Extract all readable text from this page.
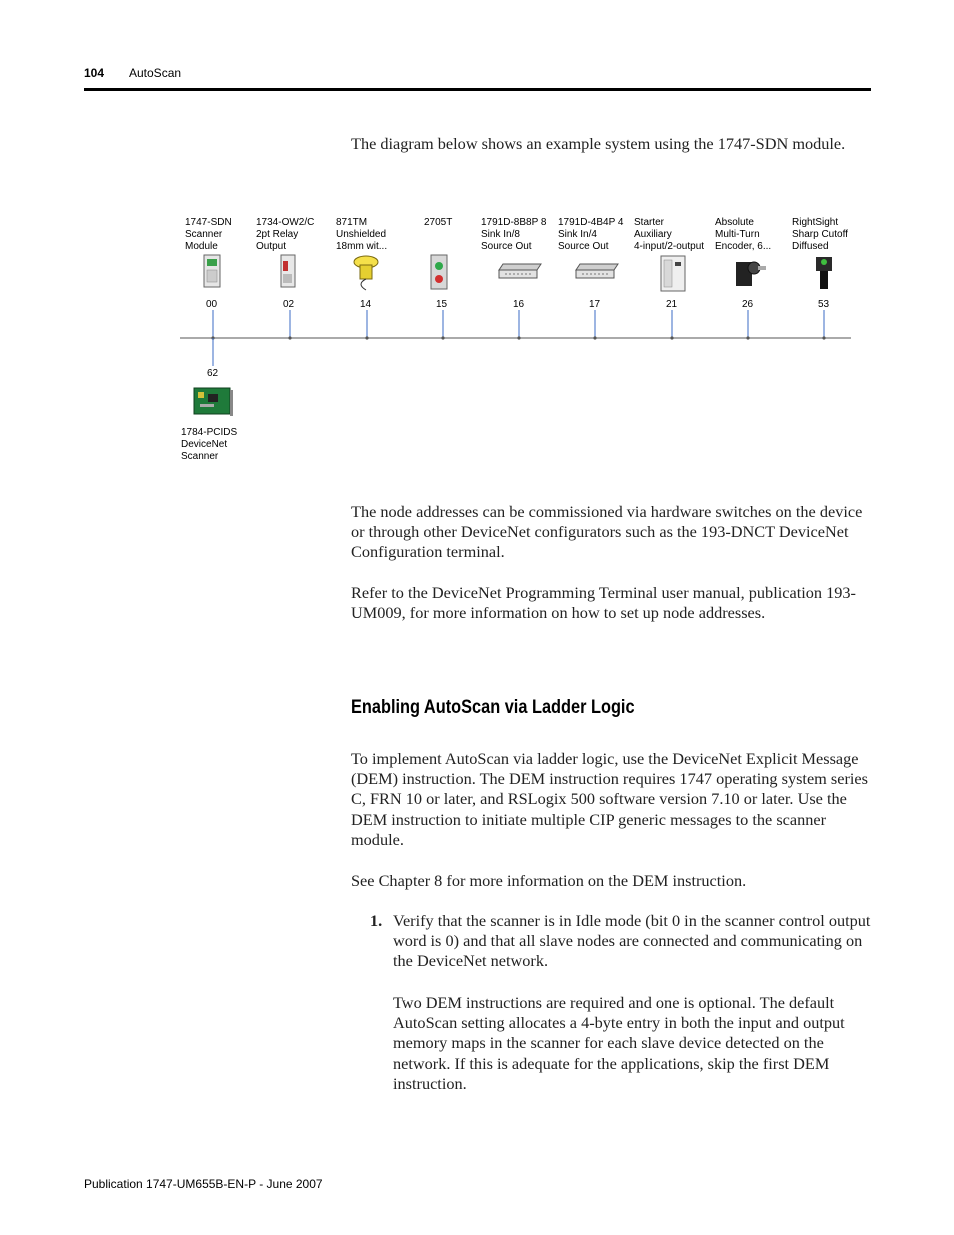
104 AutoScan

The diagram below shows an example system using the 1747-SDN module.

1747-SDN
Scanner
Module
00
1734-OW2/C
2pt Relay
Output
02
871TM
Unshielded
18mm wit...
14
2705T
15
1791D-8B8P 8
Sink In/8
Source Out
16
1791D-4B4P 4
Sink In/4
Source Out
17
Starter
Auxiliary
4-input/2-output
21
Absolute
Multi-Turn
Encoder, 6...
26
RightSight
Sharp Cutoff
Diffused
53
62
1784-PCIDS
DeviceNet
Scanner

The node addresses can be commissioned via hardware switches on the device or through other DeviceNet configurators such as the 193-DNCT DeviceNet Configuration terminal.

Refer to the DeviceNet Programming Terminal user manual, publication 193-UM009, for more information on how to set up node addresses.

Enabling AutoScan via Ladder Logic

To implement AutoScan via ladder logic, use the DeviceNet Explicit Message (DEM) instruction. The DEM instruction requires 1747 operating system series C, FRN 10 or later, and RSLogix 500 software version 7.10 or later. Use the DEM instruction to initiate multiple CIP generic messages to the scanner module.

See Chapter 8 for more information on the DEM instruction.

1. Verify that the scanner is in Idle mode (bit 0 in the scanner control output word is 0) and that all slave nodes are connected and communicating on the DeviceNet network.

Two DEM instructions are required and one is optional. The default AutoScan setting allocates a 4-byte entry in both the input and output memory maps in the scanner for each slave device detected on the network. If this is adequate for the applications, skip the first DEM instruction.

Publication 1747-UM655B-EN-P - June 2007
